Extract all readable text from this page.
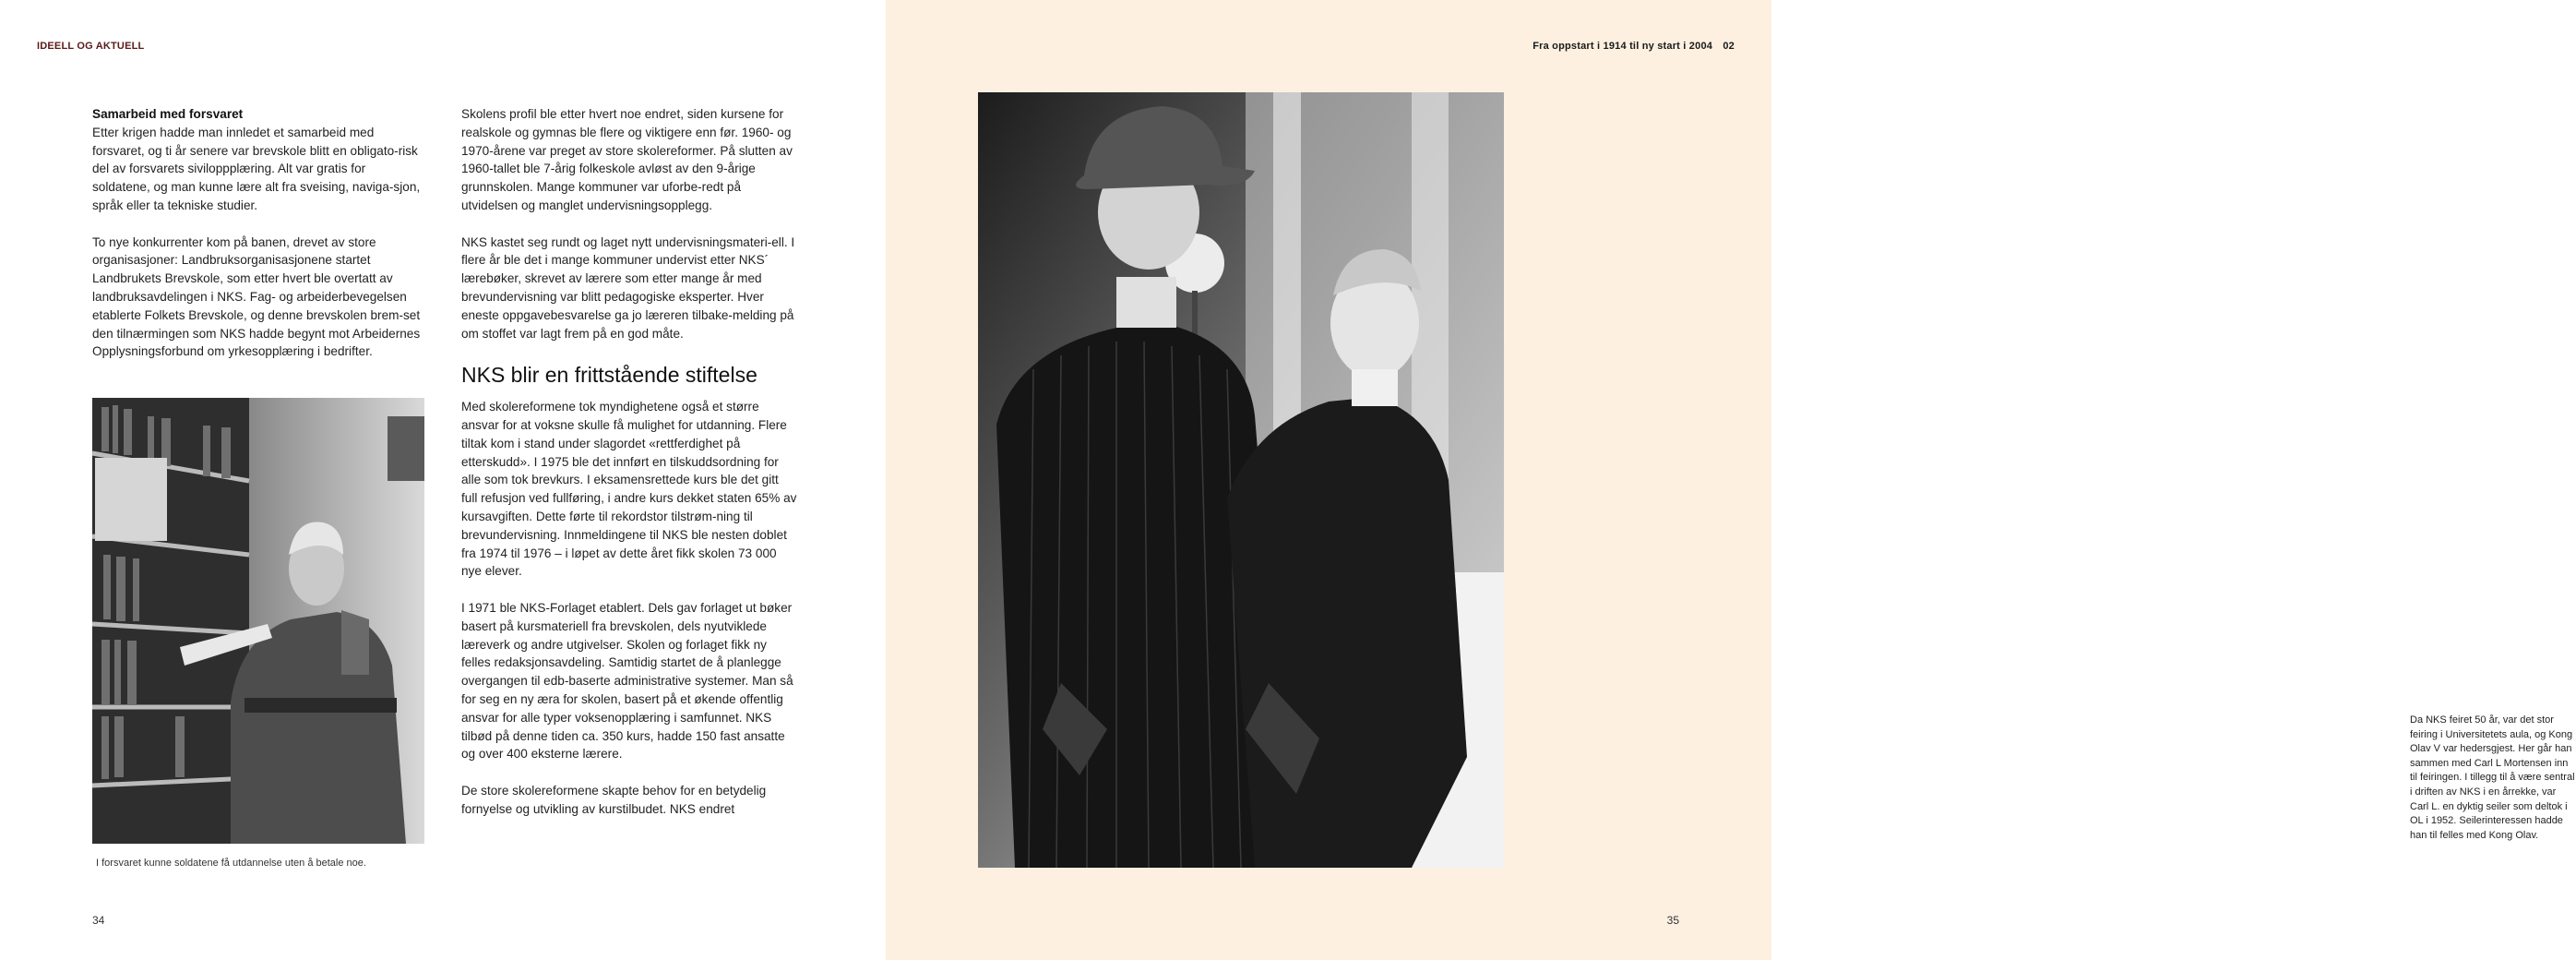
IDEELL OG AKTUELL
Samarbeid med forsvaret

Etter krigen hadde man innledet et samarbeid med forsvaret, og ti år senere var brevskole blitt en obligato-risk del av forsvarets siviloppplæring. Alt var gratis for soldatene, og man kunne lære alt fra sveising, naviga-sjon, språk eller ta tekniske studier.

To nye konkurrenter kom på banen, drevet av store organisasjoner: Landbruksorganisasjonene startet Landbrukets Brevskole, som etter hvert ble overtatt av landbruksavdelingen i NKS. Fag- og arbeiderbevegelsen etablerte Folkets Brevskole, og denne brevskolen brem-set den tilnærmingen som NKS hadde begynt mot Arbeidernes Opplysningsforbund om yrkesopplæring i bedrifter.

I forsvaret kunne soldatene få utdannelse uten å betale noe.

Skolens profil ble etter hvert noe endret, siden kursene for realskole og gymnas ble flere og viktigere enn før. 1960- og 1970-årene var preget av store skolereformer. På slutten av 1960-tallet ble 7-årig folkeskole avløst av den 9-årige grunnskolen. Mange kommuner var uforbe-redt på utvidelsen og manglet undervisningsopplegg.

NKS kastet seg rundt og laget nytt undervisningsmateri-ell. I flere år ble det i mange kommuner undervist etter NKS´ lærebøker, skrevet av lærere som etter mange år med brevundervisning var blitt pedagogiske eksperter. Hver eneste oppgavebesvarelse ga jo læreren tilbake-melding på om stoffet var lagt frem på en god måte.

NKS blir en frittstående stiftelse

Med skolereformene tok myndighetene også et større ansvar for at voksne skulle få mulighet for utdanning. Flere tiltak kom i stand under slagordet «rettferdighet på etterskudd». I 1975 ble det innført en tilskuddsordning for alle som tok brevkurs. I eksamensrettede kurs ble det gitt full refusjon ved fullføring, i andre kurs dekket staten 65% av kursavgiften. Dette førte til rekordstor tilstrøm-ning til brevundervisning. Innmeldingene til NKS ble nesten doblet fra 1974 til 1976 – i løpet av dette året fikk skolen 73 000 nye elever.

I 1971 ble NKS-Forlaget etablert. Dels gav forlaget ut bøker basert på kursmateriell fra brevskolen, dels nyutviklede læreverk og andre utgivelser. Skolen og forlaget fikk ny felles redaksjonsavdeling. Samtidig startet de å planlegge overgangen til edb-baserte administrative systemer. Man så for seg en ny æra for skolen, basert på et økende offentlig ansvar for alle typer voksenopplæring i samfunnet. NKS tilbød på denne tiden ca. 350 kurs, hadde 150 fast ansatte og over 400 eksterne lærere.

De store skolereformene skapte behov for en betydelig fornyelse og utvikling av kurstilbudet. NKS endret

34
Fra oppstart i 1914 til ny start i 2004 02
Da NKS feiret 50 år, var det stor feiring i Universitetets aula, og Kong Olav V var hedersgjest. Her går han sammen med Carl L Mortensen inn til feiringen. I tillegg til å være sentral i driften av NKS i en årrekke, var Carl L. en dyktig seiler som deltok i OL i 1952. Seilerinteressen hadde han til felles med Kong Olav.
35
